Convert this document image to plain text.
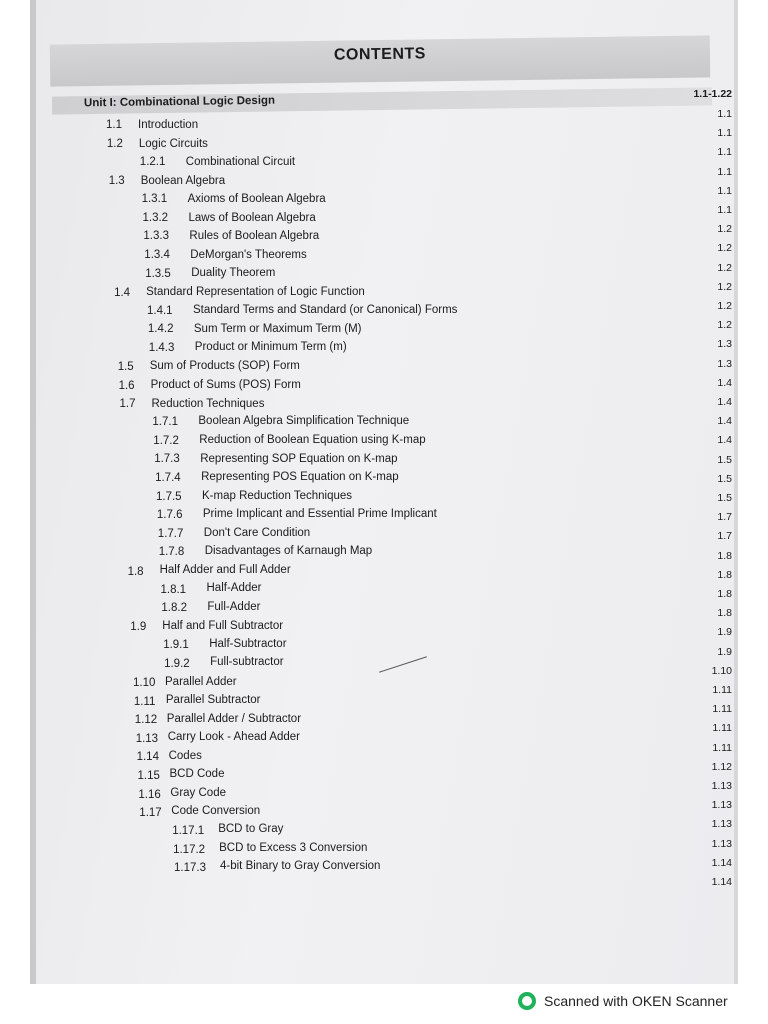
CONTENTS
Unit I: Combinational Logic Design
1.1 Introduction
1.2 Logic Circuits
1.2.1 Combinational Circuit
1.3 Boolean Algebra
1.3.1 Axioms of Boolean Algebra
1.3.2 Laws of Boolean Algebra
1.3.3 Rules of Boolean Algebra
1.3.4 DeMorgan's Theorems
1.3.5 Duality Theorem
1.4 Standard Representation of Logic Function
1.4.1 Standard Terms and Standard (or Canonical) Forms
1.4.2 Sum Term or Maximum Term (M)
1.4.3 Product or Minimum Term (m)
1.5 Sum of Products (SOP) Form
1.6 Product of Sums (POS) Form
1.7 Reduction Techniques
1.7.1 Boolean Algebra Simplification Technique
1.7.2 Reduction of Boolean Equation using K-map
1.7.3 Representing SOP Equation on K-map
1.7.4 Representing POS Equation on K-map
1.7.5 K-map Reduction Techniques
1.7.6 Prime Implicant and Essential Prime Implicant
1.7.7 Don't Care Condition
1.7.8 Disadvantages of Karnaugh Map
1.8 Half Adder and Full Adder
1.8.1 Half-Adder
1.8.2 Full-Adder
1.9 Half and Full Subtractor
1.9.1 Half-Subtractor
1.9.2 Full-subtractor
1.10 Parallel Adder
1.11 Parallel Subtractor
1.12 Parallel Adder / Subtractor
1.13 Carry Look - Ahead Adder
1.14 Codes
1.15 BCD Code
1.16 Gray Code
1.17 Code Conversion
1.17.1 BCD to Gray
1.17.2 BCD to Excess 3 Conversion
1.17.3 4-bit Binary to Gray Conversion
1.1-1.22
1.1
1.1
1.1
1.1
1.1
1.1
1.2
1.2
1.2
1.2
1.2
1.2
1.3
1.3
1.4
1.4
1.4
1.4
1.5
1.5
1.5
1.7
1.7
1.8
1.8
1.8
1.8
1.9
1.9
1.10
1.11
1.11
1.11
1.11
1.12
1.13
1.13
1.13
1.13
1.14
1.14
Scanned with OKEN Scanner
